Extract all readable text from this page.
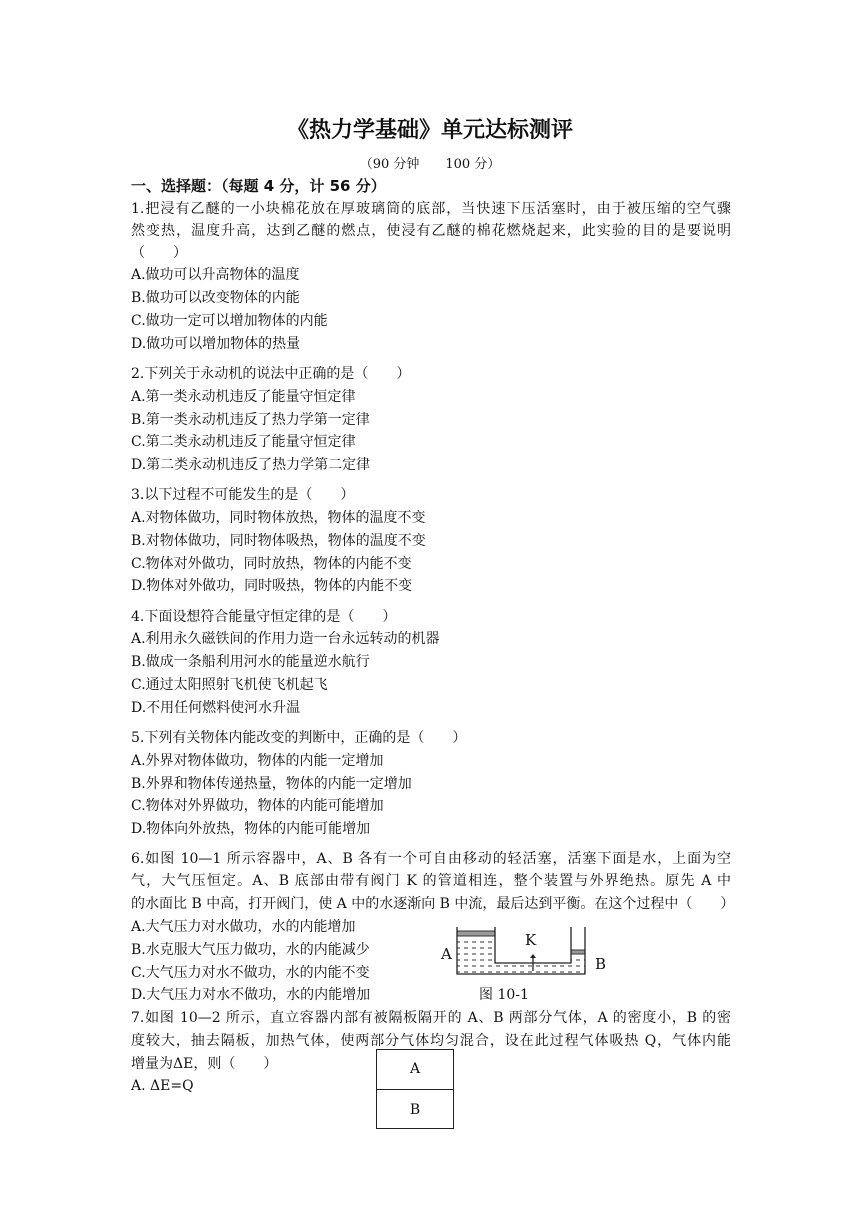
《热力学基础》单元达标测评
（90 分钟　　100 分）
一、选择题：（每题 4 分，计 56 分）
1.把浸有乙醚的一小块棉花放在厚玻璃筒的底部，当快速下压活塞时，由于被压缩的空气骤
然变热，温度升高，达到乙醚的燃点，使浸有乙醚的棉花燃烧起来，此实验的目的是要说明
（　　）
A.做功可以升高物体的温度
B.做功可以改变物体的内能
C.做功一定可以增加物体的内能
D.做功可以增加物体的热量
2.下列关于永动机的说法中正确的是（　　）
A.第一类永动机违反了能量守恒定律
B.第一类永动机违反了热力学第一定律
C.第二类永动机违反了能量守恒定律
D.第二类永动机违反了热力学第二定律
3.以下过程不可能发生的是（　　）
A.对物体做功，同时物体放热，物体的温度不变
B.对物体做功，同时物体吸热，物体的温度不变
C.物体对外做功，同时放热，物体的内能不变
D.物体对外做功，同时吸热，物体的内能不变
4.下面设想符合能量守恒定律的是（　　）
A.利用永久磁铁间的作用力造一台永远转动的机器
B.做成一条船利用河水的能量逆水航行
C.通过太阳照射飞机使飞机起飞
D.不用任何燃料使河水升温
5.下列有关物体内能改变的判断中，正确的是（　　）
A.外界对物体做功，物体的内能一定增加
B.外界和物体传递热量，物体的内能一定增加
C.物体对外界做功，物体的内能可能增加
D.物体向外放热，物体的内能可能增加
6.如图 10—1 所示容器中，A、B 各有一个可自由移动的轻活塞，活塞下面是水，上面为空
气，大气压恒定。A、B 底部由带有阀门 K 的管道相连，整个装置与外界绝热。原先 A 中
的水面比 B 中高，打开阀门，使 A 中的水逐渐向 B 中流，最后达到平衡。在这个过程中（　　）
A.大气压力对水做功，水的内能增加
B.水克服大气压力做功，水的内能减少
C.大气压力对水不做功，水的内能不变
D.大气压力对水不做功，水的内能增加
A
K
B
图 10-1
7.如图 10—2 所示，直立容器内部有被隔板隔开的 A、B 两部分气体，A 的密度小，B 的密
度较大，抽去隔板，加热气体，使两部分气体均匀混合，设在此过程气体吸热 Q，气体内能
增量为ΔE，则（　　）
A. ΔE=Q
A
B
